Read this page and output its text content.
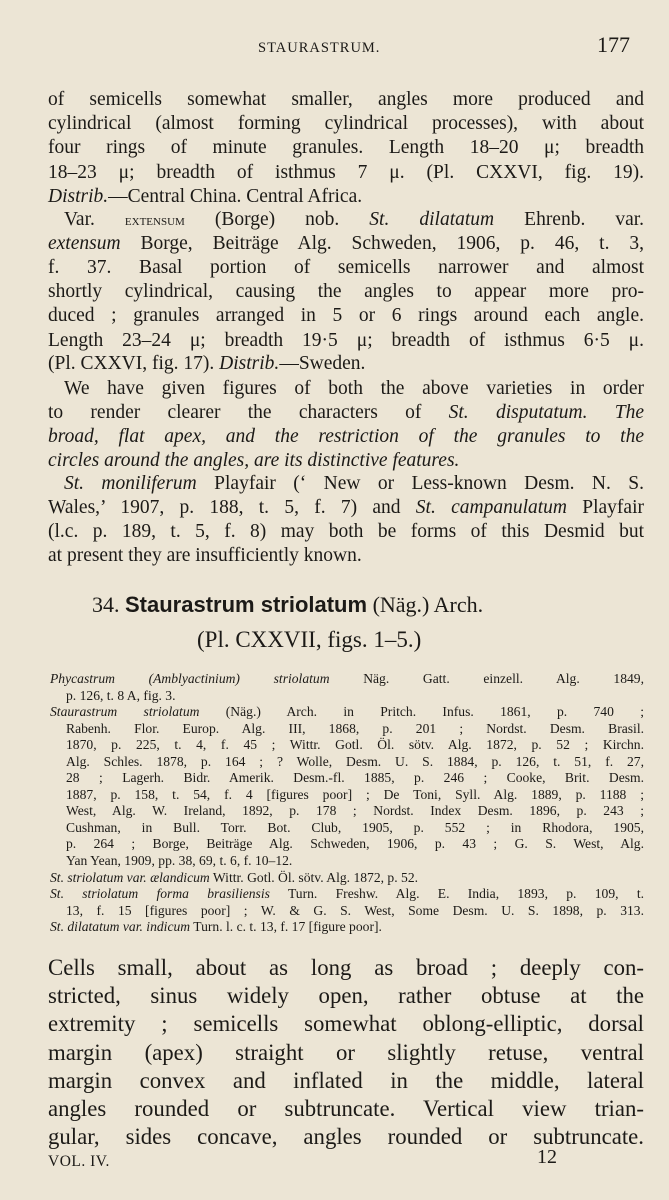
STAURASTRUM.	177
of semicells somewhat smaller, angles more produced and
cylindrical (almost forming cylindrical processes), with about
four rings of minute granules. Length 18–20 μ; breadth
18–23 μ; breadth of isthmus 7 μ. (Pl. CXXVI, fig. 19).
Distrib.—Central China. Central Africa.
Var. extensum (Borge) nob. St. dilatatum Ehrenb. var.
extensum Borge, Beiträge Alg. Schweden, 1906, p. 46, t. 3,
f. 37. Basal portion of semicells narrower and almost
shortly cylindrical, causing the angles to appear more pro-
duced ; granules arranged in 5 or 6 rings around each angle.
Length 23–24 μ; breadth 19·5 μ; breadth of isthmus 6·5 μ.
(Pl. CXXVI, fig. 17). Distrib.—Sweden.
We have given figures of both the above varieties in order
to render clearer the characters of St. disputatum. The
broad, flat apex, and the restriction of the granules to the
circles around the angles, are its distinctive features.
St. moniliferum Playfair (‘ New or Less-known Desm. N. S.
Wales,’ 1907, p. 188, t. 5, f. 7) and St. campanulatum Playfair
(l.c. p. 189, t. 5, f. 8) may both be forms of this Desmid but
at present they are insufficiently known.
34. Staurastrum striolatum (Näg.) Arch.
(Pl. CXXVII, figs. 1–5.)
Phycastrum (Amblyactinium) striolatum Näg. Gatt. einzell. Alg. 1849,
p. 126, t. 8 A, fig. 3.
Staurastrum striolatum (Näg.) Arch. in Pritch. Infus. 1861, p. 740 ;
Rabenh. Flor. Europ. Alg. III, 1868, p. 201 ; Nordst. Desm. Brasil.
1870, p. 225, t. 4, f. 45 ; Wittr. Gotl. Öl. sötv. Alg. 1872, p. 52 ; Kirchn.
Alg. Schles. 1878, p. 164 ; ? Wolle, Desm. U. S. 1884, p. 126, t. 51, f. 27,
28 ; Lagerh. Bidr. Amerik. Desm.-fl. 1885, p. 246 ; Cooke, Brit. Desm.
1887, p. 158, t. 54, f. 4 [figures poor] ; De Toni, Syll. Alg. 1889, p. 1188 ;
West, Alg. W. Ireland, 1892, p. 178 ; Nordst. Index Desm. 1896, p. 243 ;
Cushman, in Bull. Torr. Bot. Club, 1905, p. 552 ; in Rhodora, 1905,
p. 264 ; Borge, Beiträge Alg. Schweden, 1906, p. 43 ; G. S. West, Alg.
Yan Yean, 1909, pp. 38, 69, t. 6, f. 10–12.
St. striolatum var. ælandicum Wittr. Gotl. Öl. sötv. Alg. 1872, p. 52.
St. striolatum forma brasiliensis Turn. Freshw. Alg. E. India, 1893, p. 109, t.
13, f. 15 [figures poor] ; W. & G. S. West, Some Desm. U. S. 1898, p. 313.
St. dilatatum var. indicum Turn. l. c. t. 13, f. 17 [figure poor].
Cells small, about as long as broad ; deeply con-
stricted, sinus widely open, rather obtuse at the
extremity ; semicells somewhat oblong-elliptic, dorsal
margin (apex) straight or slightly retuse, ventral
margin convex and inflated in the middle, lateral
angles rounded or subtruncate. Vertical view trian-
gular, sides concave, angles rounded or subtruncate.
VOL. IV.	12
